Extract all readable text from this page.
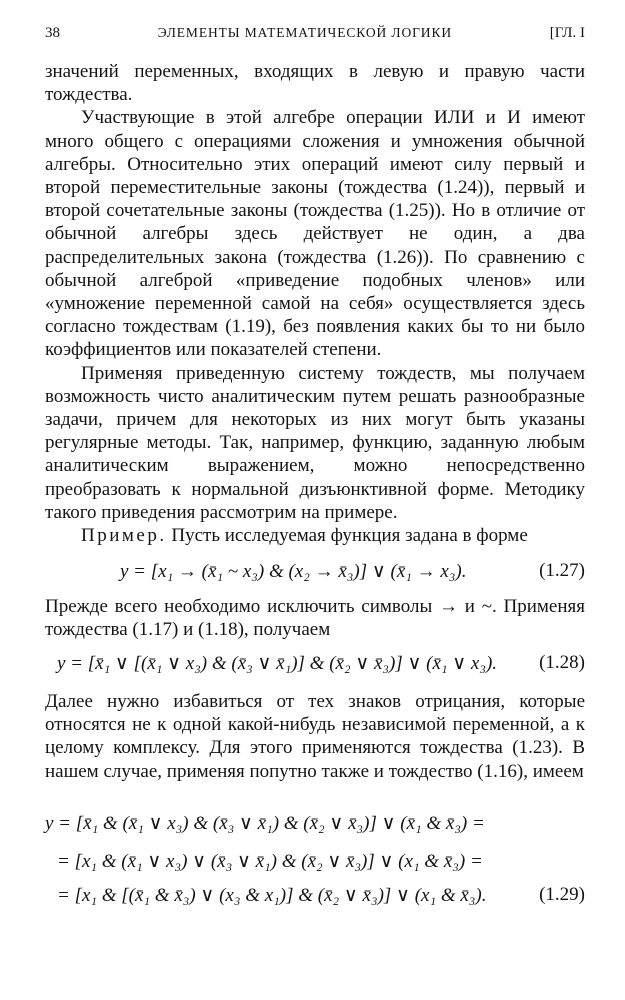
38	ЭЛЕМЕНТЫ МАТЕМАТИЧЕСКОЙ ЛОГИКИ	[ГЛ. I

значений переменных, входящих в левую и правую части тождества.

Участвующие в этой алгебре операции ИЛИ и И имеют много общего с операциями сложения и умножения обычной алгебры. Относительно этих операций имеют силу первый и второй переместительные законы (тождества (1.24)), первый и второй сочетательные законы (тождества (1.25)). Но в отличие от обычной алгебры здесь действует не один, а два распределительных закона (тождества (1.26)). По сравнению с обычной алгеброй «приведение подобных членов» или «умножение переменной самой на себя» осуществляется здесь согласно тождествам (1.19), без появления каких бы то ни было коэффициентов или показателей степени.

Применяя приведенную систему тождеств, мы получаем возможность чисто аналитическим путем решать разнообразные задачи, причем для некоторых из них могут быть указаны регулярные методы. Так, например, функцию, заданную любым аналитическим выражением, можно непосредственно преобразовать к нормальной дизъюнктивной форме. Методику такого приведения рассмотрим на примере.

Пример. Пусть исследуемая функция задана в форме

y = [x₁ → (x̄₁ ~ x₃) & (x₂ → x̄₃)] ∨ (x̄₁ → x₃).	(1.27)

Прежде всего необходимо исключить символы → и ~. Применяя тождества (1.17) и (1.18), получаем

y = [x̄₁ ∨ [(x̄₁ ∨ x₃) & (x̄₃ ∨ x̄₁)] & (x̄₂ ∨ x̄₃)] ∨ (x̄₁ ∨ x₃). (1.28)

Далее нужно избавиться от тех знаков отрицания, которые относятся не к одной какой-нибудь независимой переменной, а к целому комплексу. Для этого применяются тождества (1.23). В нашем случае, применяя попутно также и тождество (1.16), имеем

y = [x̄₁ & (x̄₁ ∨ x₃) & (x̄₃ ∨ x̄₁) & (x̄₂ ∨ x̄₃)] ∨ (x̄₁ & x̄₃) =
= [x₁ & (x̄₁ ∨ x₃) ∨ (x̄₃ ∨ x̄₁) & (x̄₂ ∨ x̄₃)] ∨ (x₁ & x̄₃) =
= [x₁ & [(x̄₁ & x̄₃) ∨ (x₃ & x₁)] & (x̄₂ ∨ x̄₃)] ∨ (x₁ & x̄₃).	(1.29)
